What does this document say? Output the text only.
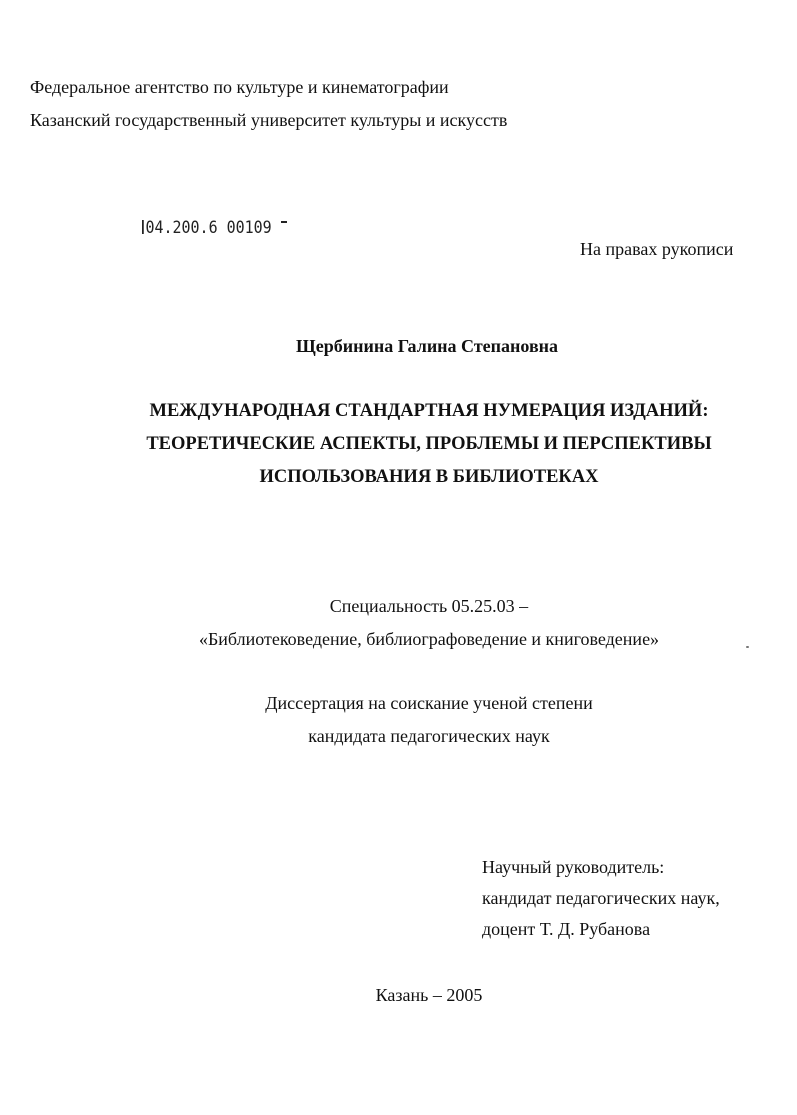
Федеральное агентство по культуре и кинематографии
Казанский государственный университет культуры и искусств
04.200.6 00109
На правах рукописи
Щербинина Галина Степановна
МЕЖДУНАРОДНАЯ СТАНДАРТНАЯ НУМЕРАЦИЯ ИЗДАНИЙ:
ТЕОРЕТИЧЕСКИЕ АСПЕКТЫ, ПРОБЛЕМЫ И ПЕРСПЕКТИВЫ
ИСПОЛЬЗОВАНИЯ В БИБЛИОТЕКАХ
Специальность 05.25.03 –
«Библиотековедение, библиографоведение и книговедение»
Диссертация на соискание ученой степени
кандидата педагогических наук
Научный руководитель:
кандидат педагогических наук,
доцент Т. Д. Рубанова
Казань – 2005
